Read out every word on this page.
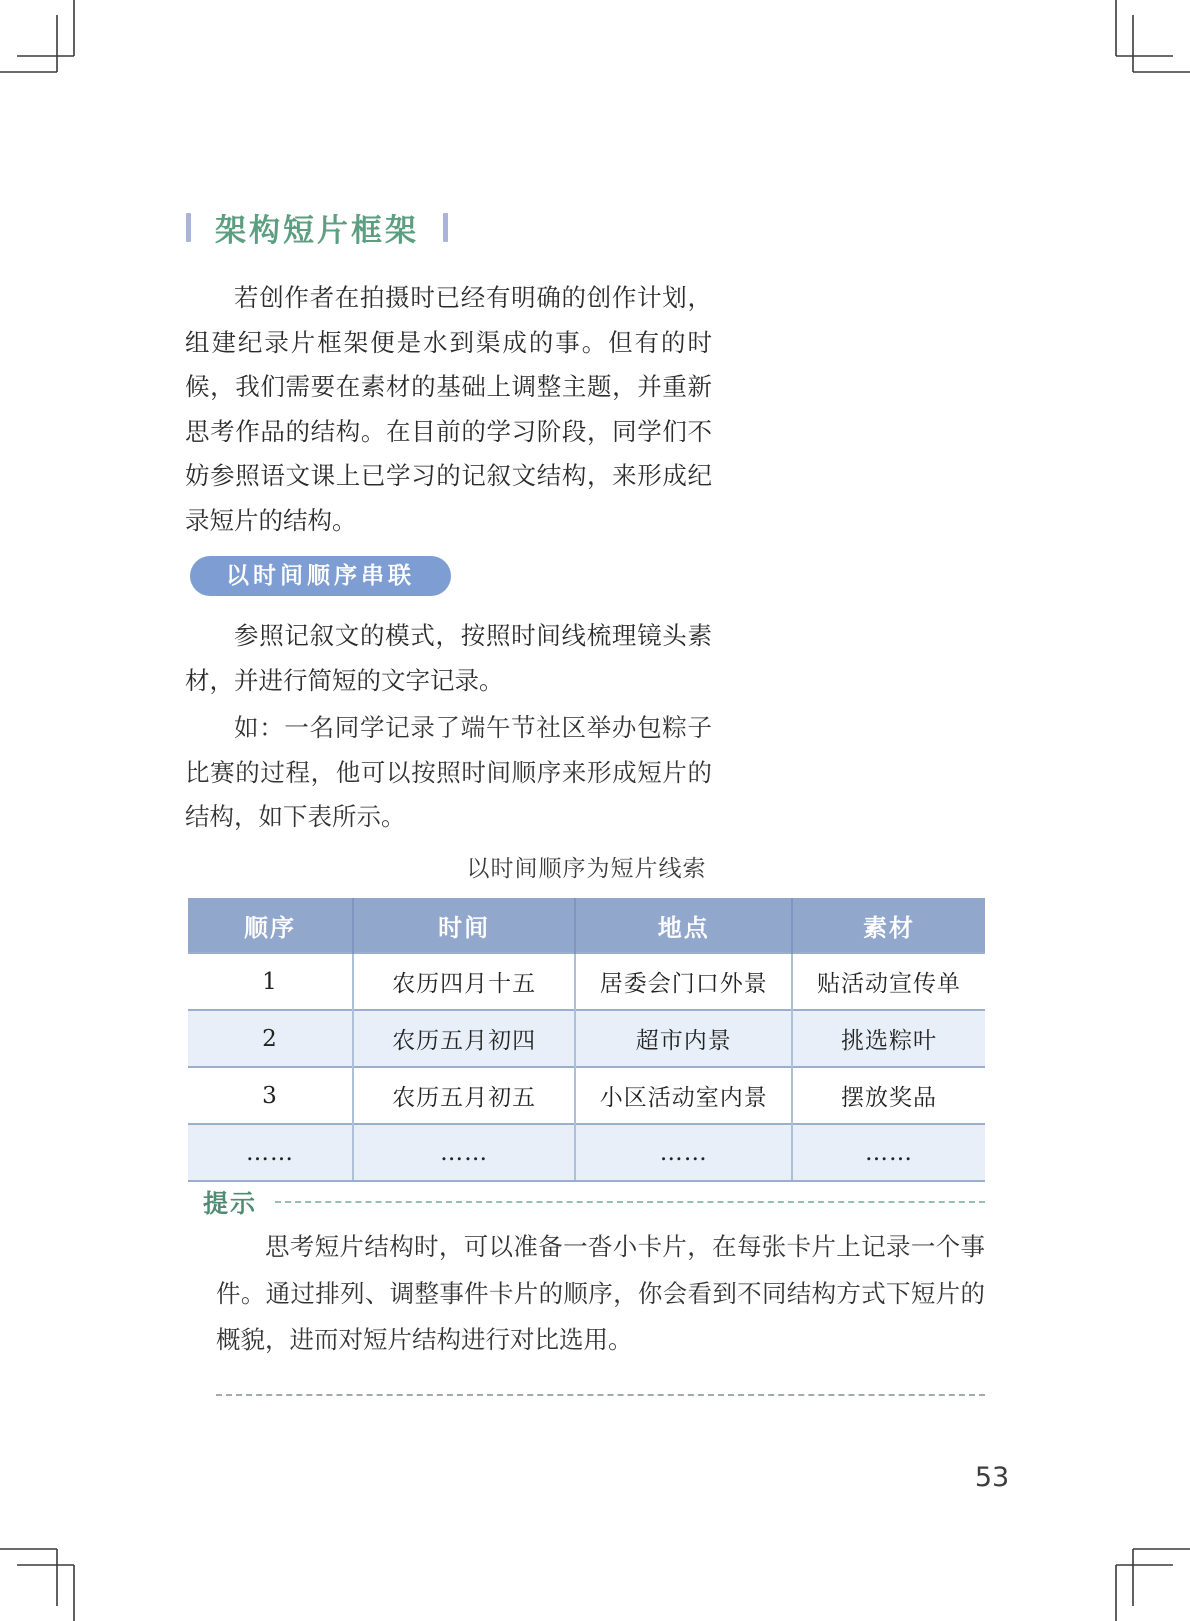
架构短片框架

若创作者在拍摄时已经有明确的创作计划，组建纪录片框架便是水到渠成的事。但有的时候，我们需要在素材的基础上调整主题，并重新思考作品的结构。在目前的学习阶段，同学们不妨参照语文课上已学习的记叙文结构，来形成纪录短片的结构。

以时间顺序串联

参照记叙文的模式，按照时间线梳理镜头素材，并进行简短的文字记录。

如：一名同学记录了端午节社区举办包粽子比赛的过程，他可以按照时间顺序来形成短片的结构，如下表所示。

以时间顺序为短片线索
顺序	时间	地点	素材
1	农历四月十五	居委会门口外景	贴活动宣传单
2	农历五月初四	超市内景	挑选粽叶
3	农历五月初五	小区活动室内景	摆放奖品
……	……	……	……
提示

思考短片结构时，可以准备一沓小卡片，在每张卡片上记录一个事件。通过排列、调整事件卡片的顺序，你会看到不同结构方式下短片的概貌，进而对短片结构进行对比选用。

53
